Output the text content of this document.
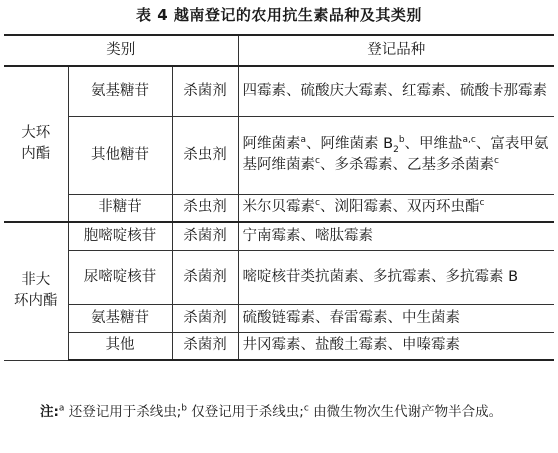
表 4 越南登记的农用抗生素品种及其类别
类别			登记品种
大环
内酯	氨基糖苷	杀菌剂	四霉素、硫酸庆大霉素、红霉素、硫酸卡那霉素
	其他糖苷	杀虫剂	阿维菌素$^a$、阿维菌素 $B_2^b$、甲维盐$^{a,c}$、富表甲氨基阿维菌素$^c$、多杀霉素、乙基多杀菌素$^c$
	非糖苷	杀虫剂	米尔贝霉素$^c$、浏阳霉素、双丙环虫酯$^c$
非大
环内酯	胞嘧啶核苷	杀菌剂	宁南霉素、嘧肽霉素
	尿嘧啶核苷	杀菌剂	嘧啶核苷类抗菌素、多抗霉素、多抗霉素 B
	氨基糖苷	杀菌剂	硫酸链霉素、春雷霉素、中生菌素
	其他	杀菌剂	井冈霉素、盐酸土霉素、申嗪霉素
注:$^a$ 还登记用于杀线虫;$^b$ 仅登记用于杀线虫;$^c$ 由微生物次生代谢产物半合成。
